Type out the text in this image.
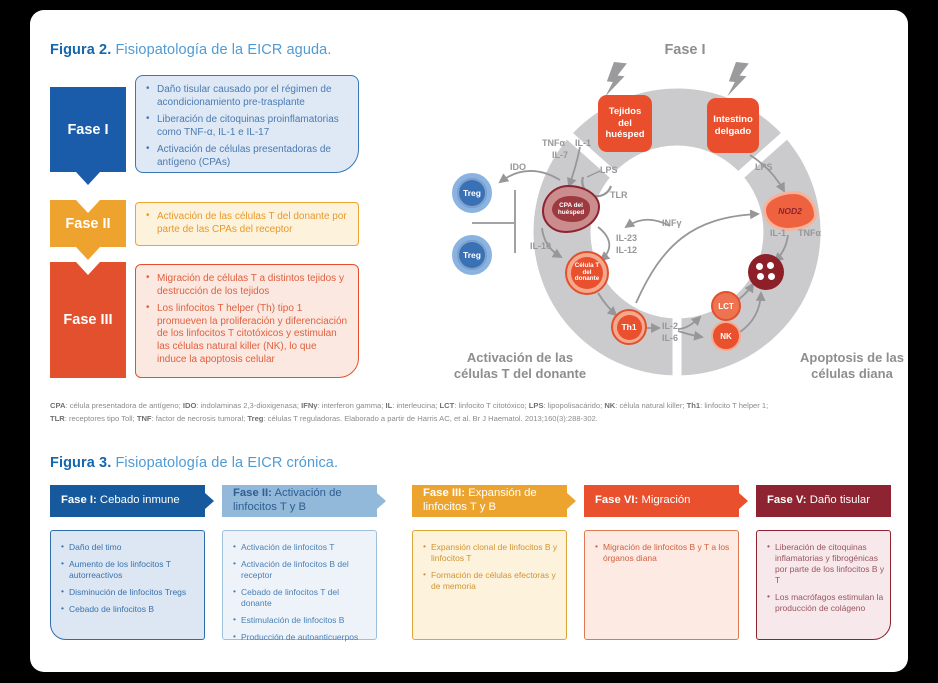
Figura 2. Fisiopatología de la EICR aguda.
Fase I
• Daño tisular causado por el régimen de acondicionamiento pre-trasplante
• Liberación de citoquinas proinflamatorias como TNF-α, IL-1 e IL-17
• Activación de células presentadoras de antígeno (CPAs)
Fase II	• Activación de las células T del donante por parte de las CPAs del receptor
Fase III
• Migración de células T a distintos tejidos y destrucción de los tejidos
• Los linfocitos T helper (Th) tipo 1 promueven la proliferación y diferenciación de los linfocitos T citotóxicos y estimulan las células natural killer (NK), lo que induce la apoptosis celular
Fase I
Tejidos del huésped
Intestino delgado
Treg
Treg
CPA del huésped
Célula T del donante
Th1
LCT
NK
NOD2
IDO
TNFα IL-1
IL-7
LPS
TLR
INFγ
IL-23
IL-12
IL-10
IL-2
IL-6
LPS
IL-1 TNFα
Activación de las células T del donante
Apoptosis de las células diana
CPA: célula presentadora de antígeno; IDO: indolaminas 2,3-dioxigenasa; IFNγ: interferon gamma; IL: interleucina; LCT: linfocito T citotóxico; LPS: lipopolisacárido; NK: célula natural killer; Th1: linfocito T helper 1;
TLR: receptores tipo Toll; TNF: factor de necrosis tumoral; Treg: células T reguladoras. Elaborado a partir de Harris AC, et al. Br J Haematol. 2013;160(3):288-302.
Figura 3. Fisiopatología de la EICR crónica.
Fase I: Cebado inmune
Fase II: Activación de linfocitos T y B
Fase III: Expansión de linfocitos T y B
Fase VI: Migración	Fase V: Daño tisular
• Daño del timo
• Aumento de los linfocitos T autorreactivos
• Disminución de linfocitos Tregs
• Cebado de linfocitos B
• Activación de linfocitos T
• Activación de linfocitos B del receptor
• Cebado de linfocitos T del donante
• Estimulación de linfocitos B
• Producción de autoanticuerpos
• Expansión clonal de linfocitos B y linfocitos T
• Formación de células efectoras y de memoria
• Migración de linfocitos B y T a los órganos diana
• Liberación de citoquinas inflamatorias y fibrogénicas por parte de los linfocitos B y T
• Los macrófagos estimulan la producción de colágeno
